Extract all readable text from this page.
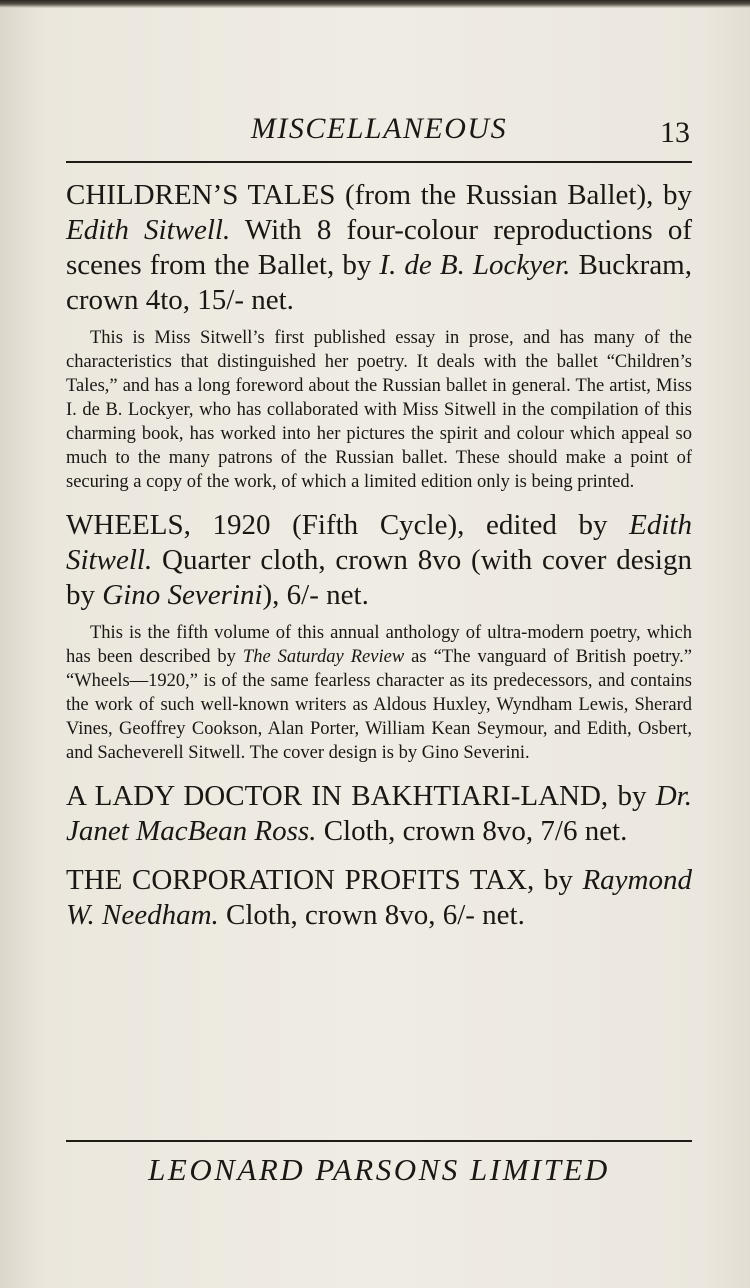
MISCELLANEOUS	13

CHILDREN’S TALES (from the Russian Ballet), by Edith Sitwell. With 8 four-colour reproductions of scenes from the Ballet, by I. de B. Lockyer. Buckram, crown 4to, 15/- net.

This is Miss Sitwell’s first published essay in prose, and has many of the characteristics that distinguished her poetry. It deals with the ballet “Children’s Tales,” and has a long foreword about the Russian ballet in general. The artist, Miss I. de B. Lockyer, who has collaborated with Miss Sitwell in the compilation of this charming book, has worked into her pictures the spirit and colour which appeal so much to the many patrons of the Russian ballet. These should make a point of securing a copy of the work, of which a limited edition only is being printed.

WHEELS, 1920 (Fifth Cycle), edited by Edith Sitwell. Quarter cloth, crown 8vo (with cover design by Gino Severini), 6/- net.

This is the fifth volume of this annual anthology of ultra-modern poetry, which has been described by The Saturday Review as “The vanguard of British poetry.” “Wheels—1920,” is of the same fearless character as its predecessors, and contains the work of such well-known writers as Aldous Huxley, Wyndham Lewis, Sherard Vines, Geoffrey Cookson, Alan Porter, William Kean Seymour, and Edith, Osbert, and Sacheverell Sitwell. The cover design is by Gino Severini.

A LADY DOCTOR IN BAKHTIARI-LAND, by Dr. Janet MacBean Ross. Cloth, crown 8vo, 7/6 net.

THE CORPORATION PROFITS TAX, by Raymond W. Needham. Cloth, crown 8vo, 6/- net.

LEONARD PARSONS LIMITED
